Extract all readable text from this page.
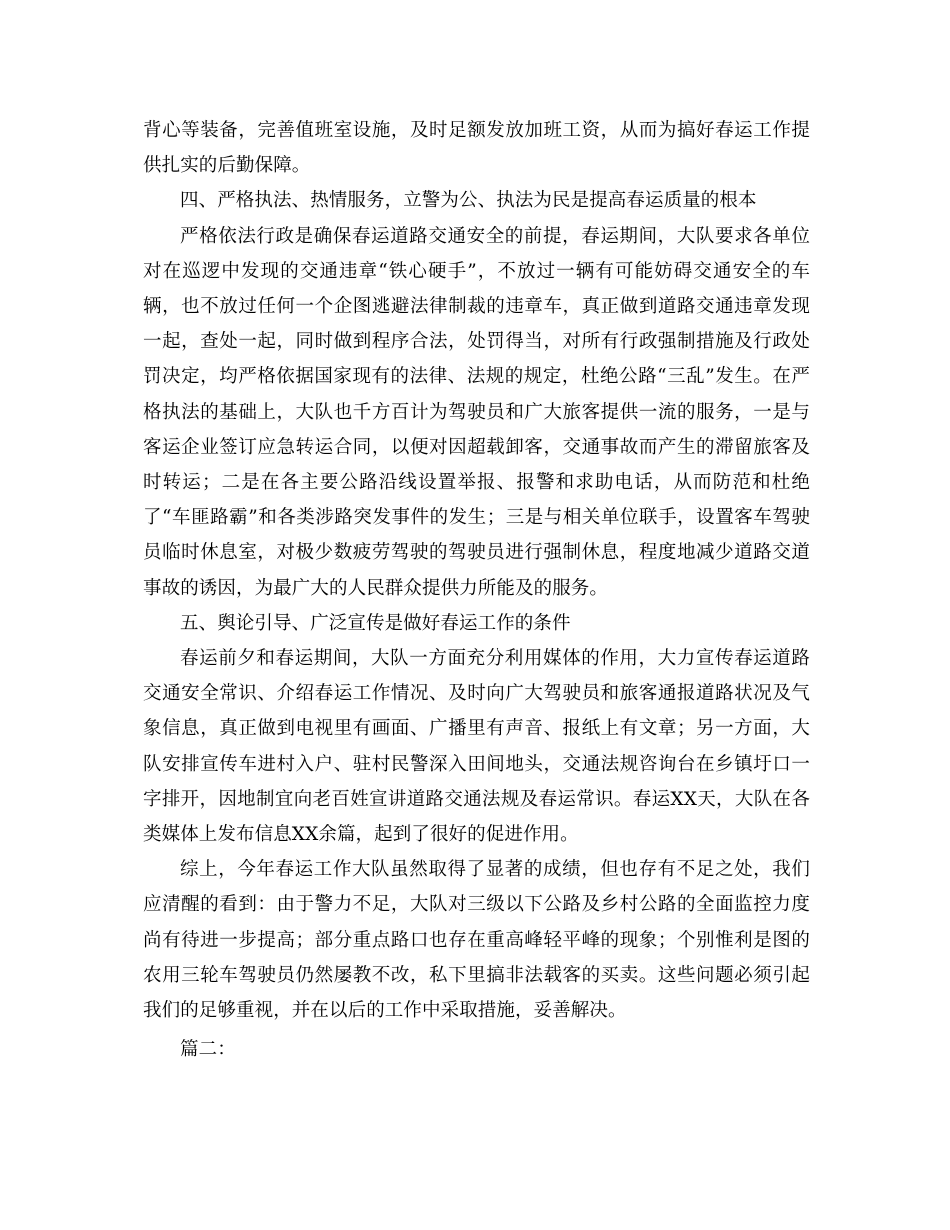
背心等装备，完善值班室设施，及时足额发放加班工资，从而为搞好春运工作提供扎实的后勤保障。

四、严格执法、热情服务，立警为公、执法为民是提高春运质量的根本

严格依法行政是确保春运道路交通安全的前提，春运期间，大队要求各单位对在巡逻中发现的交通违章“铁心硬手”，不放过一辆有可能妨碍交通安全的车辆，也不放过任何一个企图逃避法律制裁的违章车，真正做到道路交通违章发现一起，查处一起，同时做到程序合法，处罚得当，对所有行政强制措施及行政处罚决定，均严格依据国家现有的法律、法规的规定，杜绝公路“三乱”发生。在严格执法的基础上，大队也千方百计为驾驶员和广大旅客提供一流的服务，一是与客运企业签订应急转运合同，以便对因超载卸客，交通事故而产生的滞留旅客及时转运；二是在各主要公路沿线设置举报、报警和求助电话，从而防范和杜绝了“车匪路霸”和各类涉路突发事件的发生；三是与相关单位联手，设置客车驾驶员临时休息室，对极少数疲劳驾驶的驾驶员进行强制休息，程度地减少道路交道事故的诱因，为最广大的人民群众提供力所能及的服务。

五、舆论引导、广泛宣传是做好春运工作的条件

春运前夕和春运期间，大队一方面充分利用媒体的作用，大力宣传春运道路交通安全常识、介绍春运工作情况、及时向广大驾驶员和旅客通报道路状况及气象信息，真正做到电视里有画面、广播里有声音、报纸上有文章；另一方面，大队安排宣传车进村入户、驻村民警深入田间地头，交通法规咨询台在乡镇圩口一字排开，因地制宜向老百姓宣讲道路交通法规及春运常识。春运XX天，大队在各类媒体上发布信息XX余篇，起到了很好的促进作用。

综上，今年春运工作大队虽然取得了显著的成绩，但也存有不足之处，我们应清醒的看到：由于警力不足，大队对三级以下公路及乡村公路的全面监控力度尚有待进一步提高；部分重点路口也存在重高峰轻平峰的现象；个别惟利是图的农用三轮车驾驶员仍然屡教不改，私下里搞非法载客的买卖。这些问题必须引起我们的足够重视，并在以后的工作中采取措施，妥善解决。

篇二：
